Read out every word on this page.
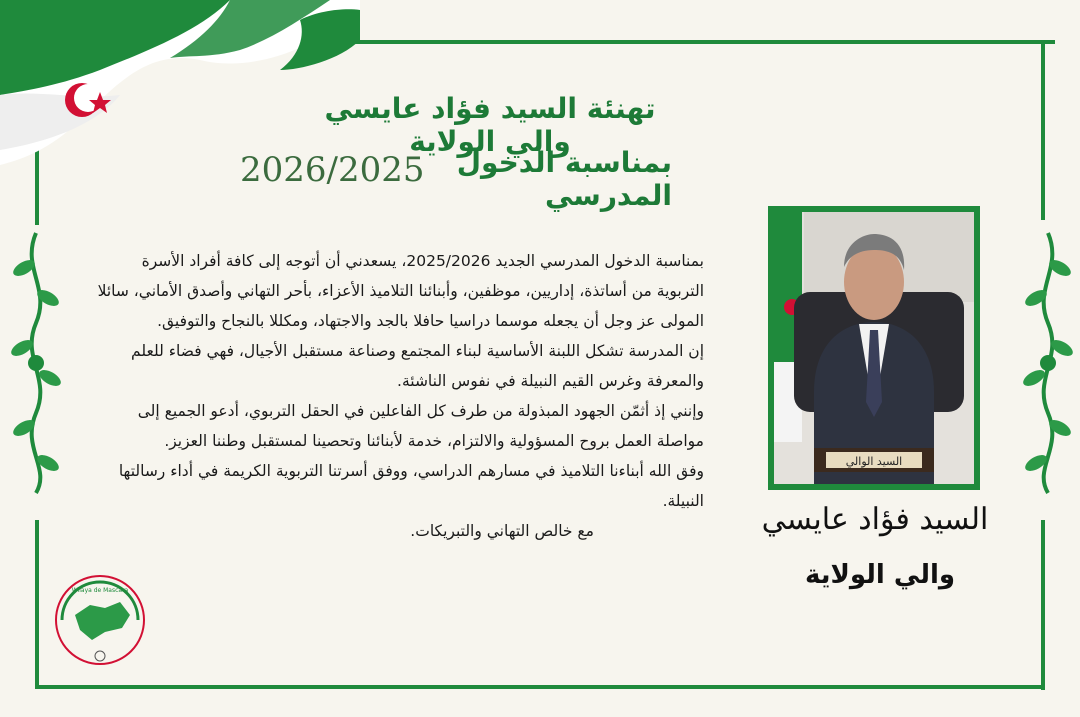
تهنئة السيد فؤاد عايسي والي الولاية
بمناسبة الدخول المدرسي
2026/2025

بمناسبة الدخول المدرسي الجديد 2025/2026، يسعدني أن أتوجه إلى كافة أفراد الأسرة التربوية من أساتذة، إداريين، موظفين، وأبنائنا التلاميذ الأعزاء، بأحر التهاني وأصدق الأماني، سائلا المولى عز وجل أن يجعله موسما دراسيا حافلا بالجد والاجتهاد، ومكللا بالنجاح والتوفيق.

إن المدرسة تشكل اللبنة الأساسية لبناء المجتمع وصناعة مستقبل الأجيال، فهي فضاء للعلم والمعرفة وغرس القيم النبيلة في نفوس الناشئة.

وإنني إذ أثمّن الجهود المبذولة من طرف كل الفاعلين في الحقل التربوي، أدعو الجميع إلى مواصلة العمل بروح المسؤولية والالتزام، خدمة لأبنائنا وتحصينا لمستقبل وطننا العزيز.

وفق الله أبناءنا التلاميذ في مسارهم الدراسي، ووفق أسرتنا التربوية الكريمة في أداء رسالتها النبيلة.

مع خالص التهاني والتبريكات.

السيد الوالي
السيد فؤاد عايسي
والي الولاية
Wilaya de Mascara
